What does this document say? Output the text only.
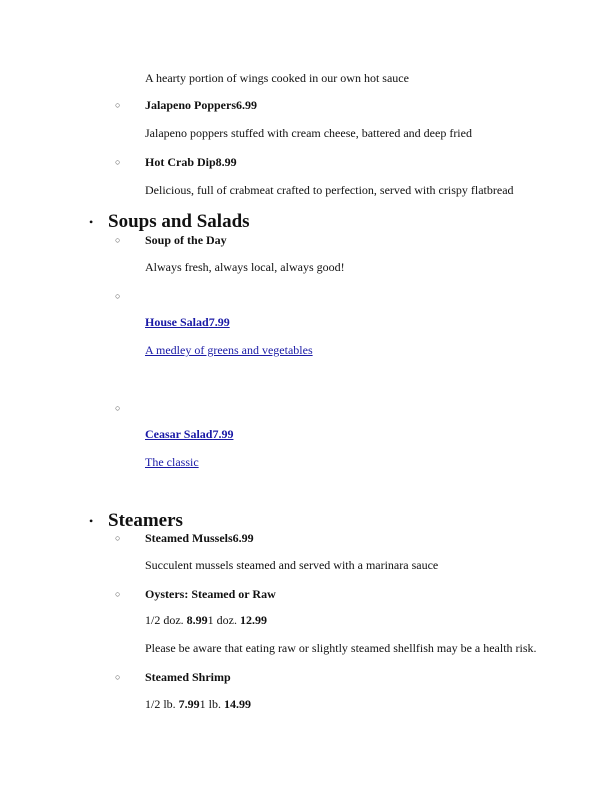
A hearty portion of wings cooked in our own hot sauce
○ Jalapeno Poppers6.99
Jalapeno poppers stuffed with cream cheese, battered and deep fried
○ Hot Crab Dip8.99
Delicious, full of crabmeat crafted to perfection, served with crispy flatbread
• Soups and Salads
○ Soup of the Day
Always fresh, always local, always good!
○
House Salad7.99
A medley of greens and vegetables
○
Ceasar Salad7.99
The classic
• Steamers
○ Steamed Mussels6.99
Succulent mussels steamed and served with a marinara sauce
○ Oysters: Steamed or Raw
1/2 doz. 8.991 doz. 12.99
Please be aware that eating raw or slightly steamed shellfish may be a health risk.
○ Steamed Shrimp
1/2 lb. 7.991 lb. 14.99
